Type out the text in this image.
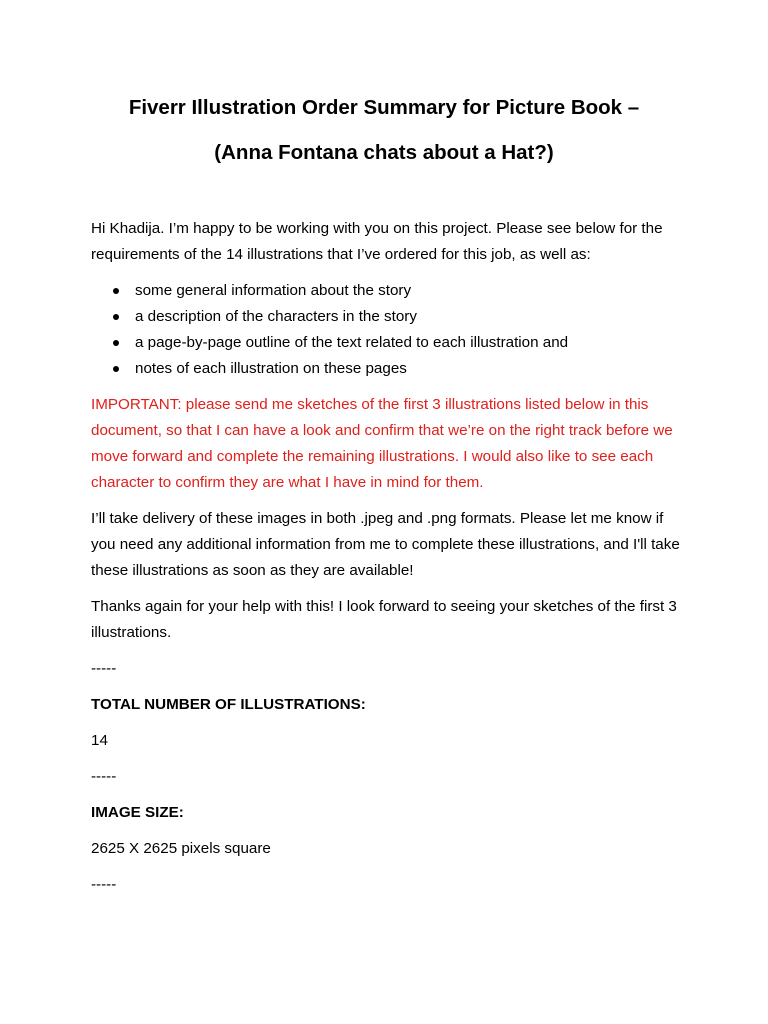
Fiverr Illustration Order Summary for Picture Book –
(Anna Fontana chats about a Hat?)

Hi Khadija. I’m happy to be working with you on this project. Please see below for the requirements of the 14 illustrations that I’ve ordered for this job, as well as:

some general information about the story
a description of the characters in the story
a page-by-page outline of the text related to each illustration and
notes of each illustration on these pages

IMPORTANT: please send me sketches of the first 3 illustrations listed below in this document, so that I can have a look and confirm that we’re on the right track before we move forward and complete the remaining illustrations. I would also like to see each character to confirm they are what I have in mind for them.

I’ll take delivery of these images in both .jpeg and .png formats. Please let me know if you need any additional information from me to complete these illustrations, and I'll take these illustrations as soon as they are available!

Thanks again for your help with this! I look forward to seeing your sketches of the first 3 illustrations.

-----
TOTAL NUMBER OF ILLUSTRATIONS:
14
-----
IMAGE SIZE:
2625 X 2625 pixels square
-----
